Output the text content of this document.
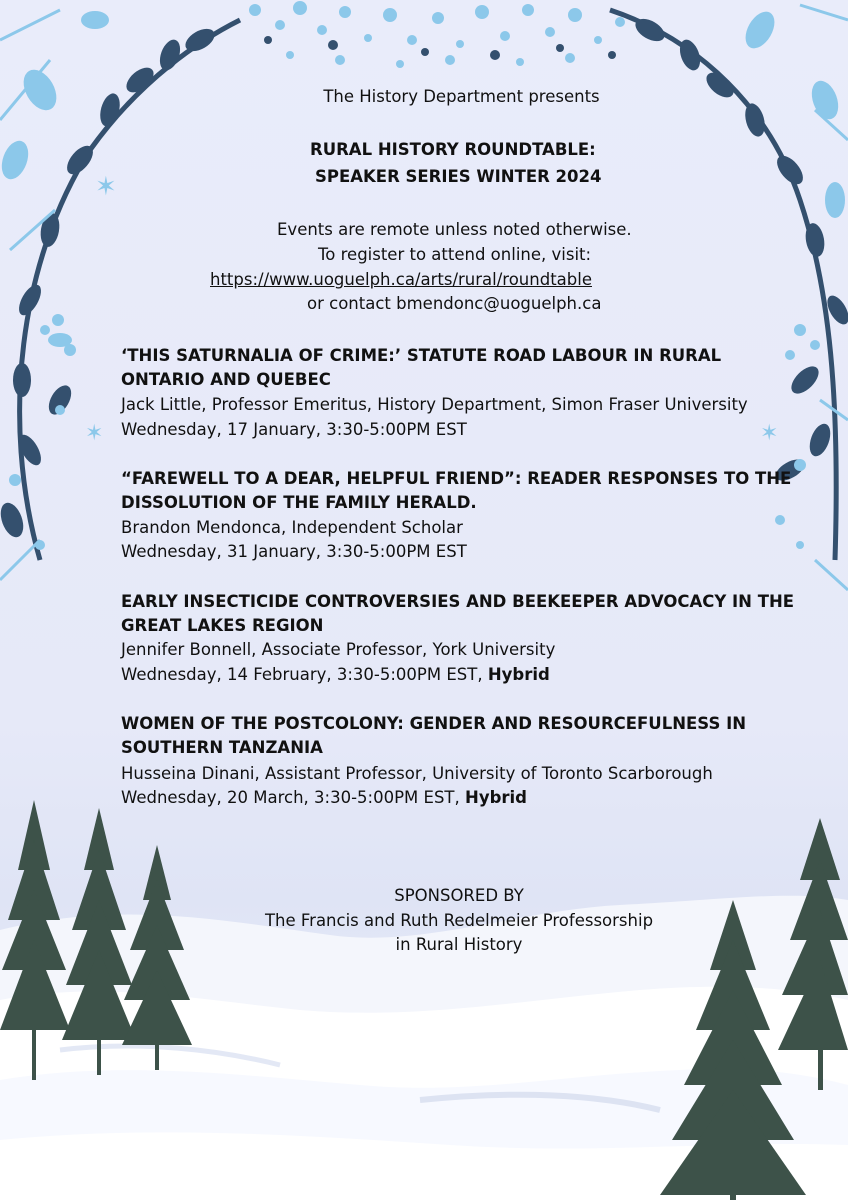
✶
✶
✶
The History Department presents
RURAL HISTORY ROUNDTABLE:
SPEAKER SERIES WINTER 2024
Events are remote unless noted otherwise.
To register to attend online, visit:
https://www.uoguelph.ca/arts/rural/roundtable
or contact bmendonc@uoguelph.ca
‘THIS SATURNALIA OF CRIME:’ STATUTE ROAD LABOUR IN RURAL ONTARIO AND QUEBEC
Jack Little, Professor Emeritus, History Department, Simon Fraser University
Wednesday, 17 January, 3:30-5:00PM EST
“FAREWELL TO A DEAR, HELPFUL FRIEND”: READER RESPONSES TO THE DISSOLUTION OF THE FAMILY HERALD.
Brandon Mendonca, Independent Scholar
Wednesday, 31 January, 3:30-5:00PM EST
EARLY INSECTICIDE CONTROVERSIES AND BEEKEEPER ADVOCACY IN THE GREAT LAKES REGION
Jennifer Bonnell, Associate Professor, York University
Wednesday, 14 February, 3:30-5:00PM EST, Hybrid
WOMEN OF THE POSTCOLONY: GENDER AND RESOURCEFULNESS IN SOUTHERN TANZANIA
Husseina Dinani, Assistant Professor, University of Toronto Scarborough
Wednesday, 20 March, 3:30-5:00PM EST, Hybrid
SPONSORED BY
The Francis and Ruth Redelmeier Professorship
in Rural History
